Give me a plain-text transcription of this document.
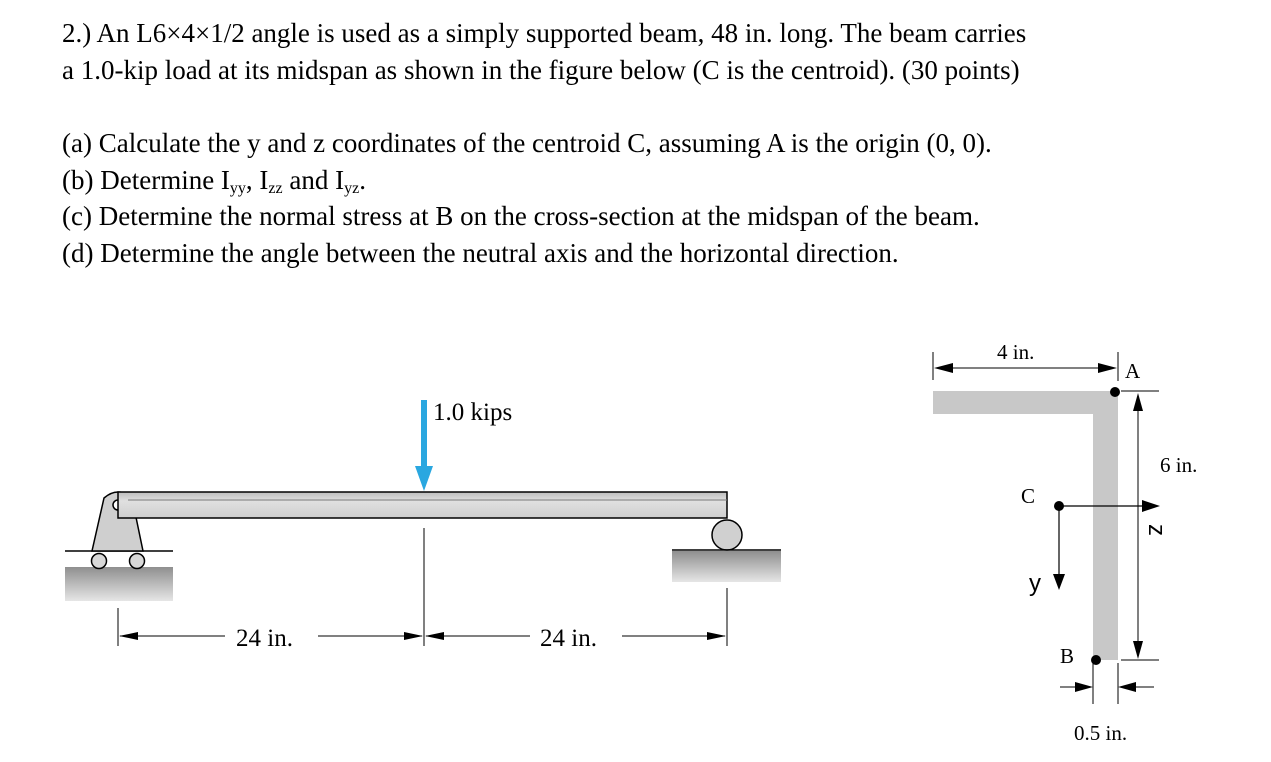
2.) An L6×4×1/2 angle is used as a simply supported beam, 48 in. long. The beam carries
a 1.0-kip load at its midspan as shown in the figure below (C is the centroid). (30 points)
(a) Calculate the y and z coordinates of the centroid C, assuming A is the origin (0, 0).
(b) Determine $I_{yy}$, $I_{zz}$ and $I_{yz}$.
(c) Determine the normal stress at B on the cross-section at the midspan of the beam.
(d) Determine the angle between the neutral axis and the horizontal direction.
1.0 kips
24 in.	24 in.
4 in.
A
6 in.
C
z
y
B
0.5 in.
